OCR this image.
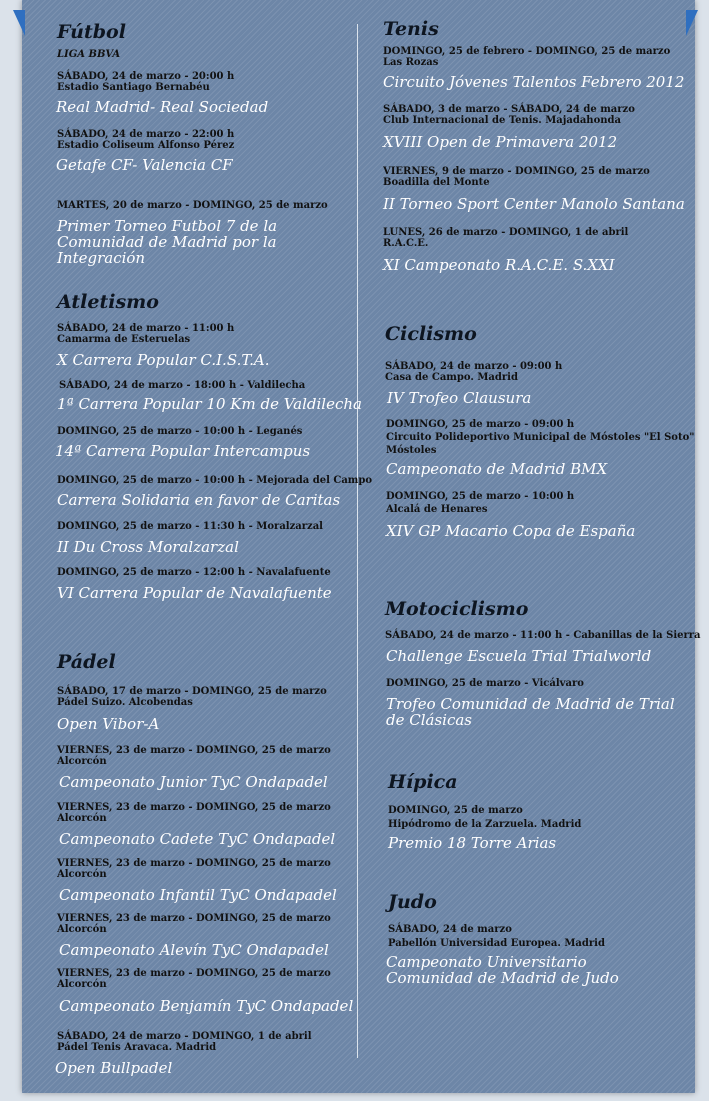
Fútbol
LIGA BBVA
SÁBADO, 24 de marzo - 20:00 h
Estadio Santiago Bernabéu
Real Madrid- Real Sociedad
SÁBADO, 24 de marzo - 22:00 h
Estadio Coliseum Alfonso Pérez
Getafe CF- Valencia CF
MARTES, 20 de marzo - DOMINGO, 25 de marzo
Primer Torneo Futbol 7 de la Comunidad de Madrid por la Integración
Atletismo
SÁBADO, 24 de marzo - 11:00 h
Camarma de Esteruelas
X Carrera Popular C.I.S.T.A.
SÁBADO, 24 de marzo - 18:00 h - Valdilecha
1ª Carrera Popular 10 Km de Valdilecha
DOMINGO, 25 de marzo - 10:00 h - Leganés
14ª Carrera Popular Intercampus
DOMINGO, 25 de marzo - 10:00 h - Mejorada del Campo
Carrera Solidaria en favor de Caritas
DOMINGO, 25 de marzo - 11:30 h - Moralzarzal
II Du Cross Moralzarzal
DOMINGO, 25 de marzo - 12:00 h - Navalafuente
VI Carrera Popular de Navalafuente
Pádel
SÁBADO, 17 de marzo - DOMINGO, 25 de marzo
Pádel Suizo. Alcobendas
Open Vibor-A
VIERNES, 23 de marzo - DOMINGO, 25 de marzo
Alcorcón
Campeonato Junior TyC Ondapadel
VIERNES, 23 de marzo - DOMINGO, 25 de marzo
Alcorcón
Campeonato Cadete TyC Ondapadel
VIERNES, 23 de marzo - DOMINGO, 25 de marzo
Alcorcón
Campeonato Infantil TyC Ondapadel
VIERNES, 23 de marzo - DOMINGO, 25 de marzo
Alcorcón
Campeonato Alevín TyC Ondapadel
VIERNES, 23 de marzo - DOMINGO, 25 de marzo
Alcorcón
Campeonato Benjamín TyC Ondapadel
SÁBADO, 24 de marzo - DOMINGO, 1 de abril
Pádel Tenis Aravaca. Madrid
Open Bullpadel
Tenis
DOMINGO, 25 de febrero - DOMINGO, 25 de marzo
Las Rozas
Circuito Jóvenes Talentos Febrero 2012
SÁBADO, 3 de marzo - SÁBADO, 24 de marzo
Club Internacional de Tenis. Majadahonda
XVIII Open de Primavera 2012
VIERNES, 9 de marzo - DOMINGO, 25 de marzo
Boadilla del Monte
II Torneo Sport Center Manolo Santana
LUNES, 26 de marzo - DOMINGO, 1 de abril
R.A.C.E.
XI Campeonato R.A.C.E. S.XXI
Ciclismo
SÁBADO, 24 de marzo - 09:00 h
Casa de Campo. Madrid
IV Trofeo Clausura
DOMINGO, 25 de marzo - 09:00 h
Circuito Polideportivo Municipal de Móstoles "El Soto"
Móstoles
Campeonato de Madrid BMX
DOMINGO, 25 de marzo - 10:00 h
Alcalá de Henares
XIV GP Macario Copa de España
Motociclismo
SÁBADO, 24 de marzo - 11:00 h - Cabanillas de la Sierra
Challenge Escuela Trial Trialworld
DOMINGO, 25 de marzo - Vicálvaro
Trofeo Comunidad de Madrid de Trial de Clásicas
Hípica
DOMINGO, 25 de marzo
Hipódromo de la Zarzuela. Madrid
Premio 18 Torre Arias
Judo
SÁBADO, 24 de marzo
Pabellón Universidad Europea. Madrid
Campeonato Universitario Comunidad de Madrid de Judo
